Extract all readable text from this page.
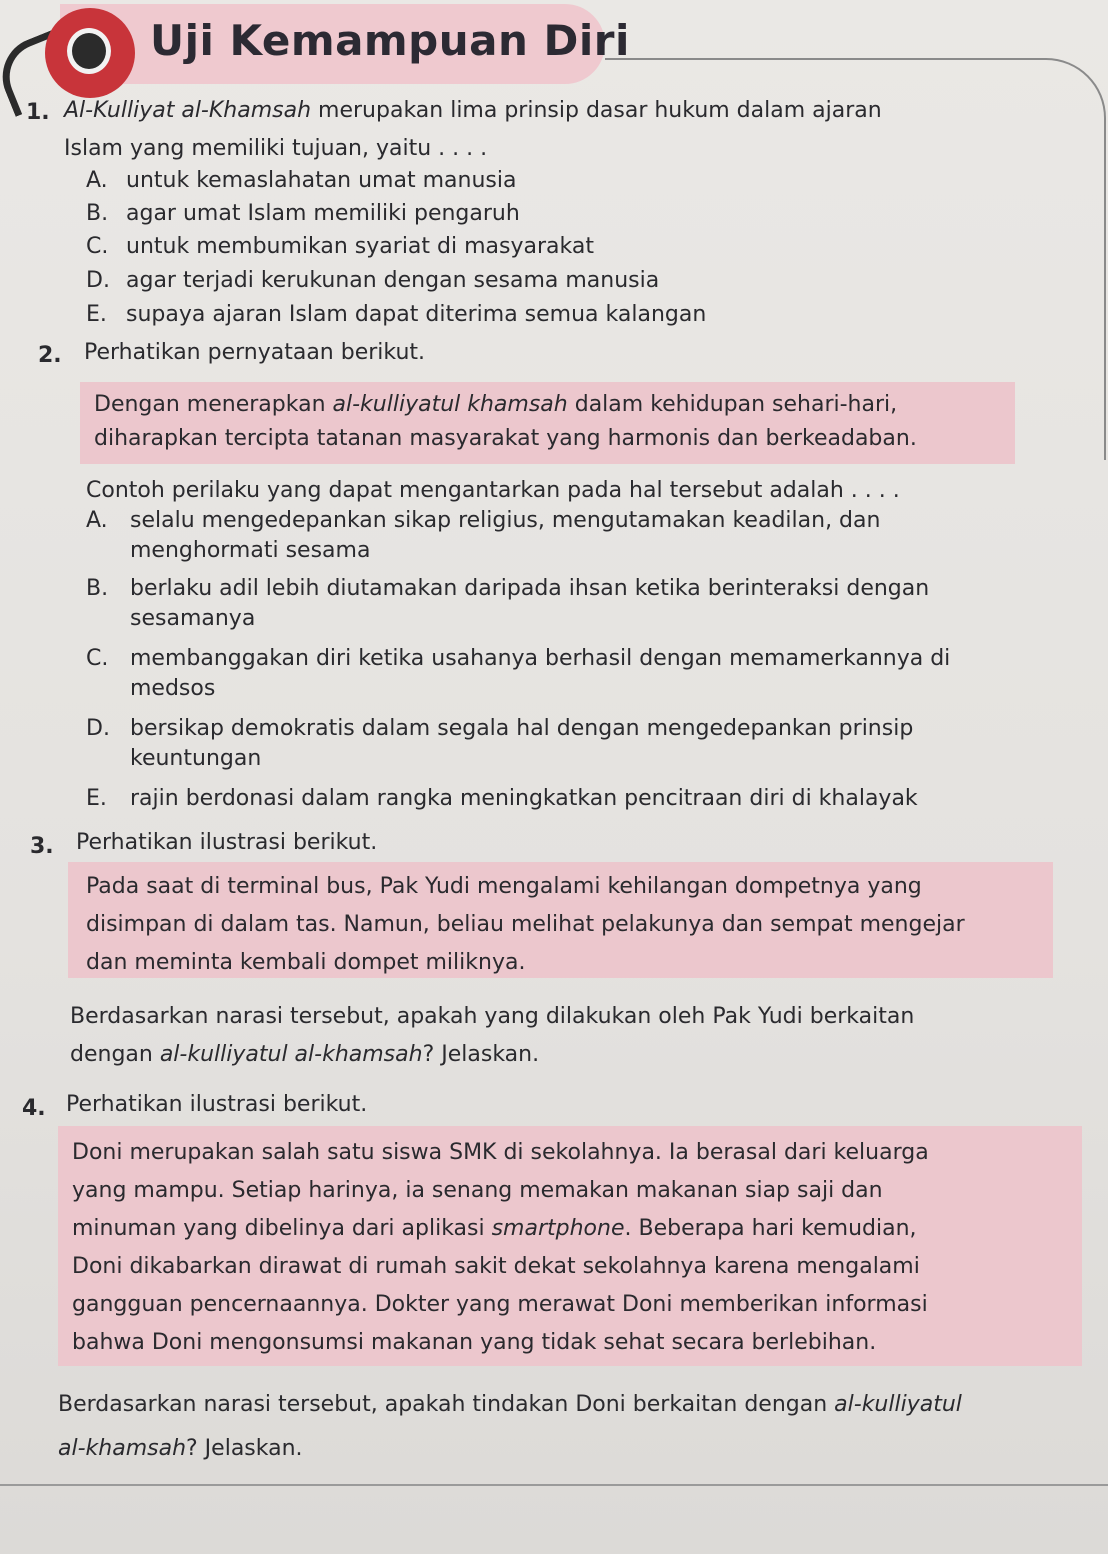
Uji Kemampuan Diri
1. Al-Kulliyat al-Khamsah merupakan lima prinsip dasar hukum dalam ajaran
Islam yang memiliki tujuan, yaitu . . . .
A. untuk kemaslahatan umat manusia
B. agar umat Islam memiliki pengaruh
C. untuk membumikan syariat di masyarakat
D. agar terjadi kerukunan dengan sesama manusia
E. supaya ajaran Islam dapat diterima semua kalangan
2. Perhatikan pernyataan berikut.
Dengan menerapkan al-kulliyatul khamsah dalam kehidupan sehari-hari,
diharapkan tercipta tatanan masyarakat yang harmonis dan berkeadaban.
Contoh perilaku yang dapat mengantarkan pada hal tersebut adalah . . . .
A. selalu mengedepankan sikap religius, mengutamakan keadilan, dan
menghormati sesama
B. berlaku adil lebih diutamakan daripada ihsan ketika berinteraksi dengan
sesamanya
C. membanggakan diri ketika usahanya berhasil dengan memamerkannya di
medsos
D. bersikap demokratis dalam segala hal dengan mengedepankan prinsip
keuntungan
E. rajin berdonasi dalam rangka meningkatkan pencitraan diri di khalayak
3. Perhatikan ilustrasi berikut.
Pada saat di terminal bus, Pak Yudi mengalami kehilangan dompetnya yang
disimpan di dalam tas. Namun, beliau melihat pelakunya dan sempat mengejar
dan meminta kembali dompet miliknya.
Berdasarkan narasi tersebut, apakah yang dilakukan oleh Pak Yudi berkaitan
dengan al-kulliyatul al-khamsah? Jelaskan.
4. Perhatikan ilustrasi berikut.
Doni merupakan salah satu siswa SMK di sekolahnya. Ia berasal dari keluarga
yang mampu. Setiap harinya, ia senang memakan makanan siap saji dan
minuman yang dibelinya dari aplikasi smartphone. Beberapa hari kemudian,
Doni dikabarkan dirawat di rumah sakit dekat sekolahnya karena mengalami
gangguan pencernaannya. Dokter yang merawat Doni memberikan informasi
bahwa Doni mengonsumsi makanan yang tidak sehat secara berlebihan.
Berdasarkan narasi tersebut, apakah tindakan Doni berkaitan dengan al-kulliyatul
al-khamsah? Jelaskan.
